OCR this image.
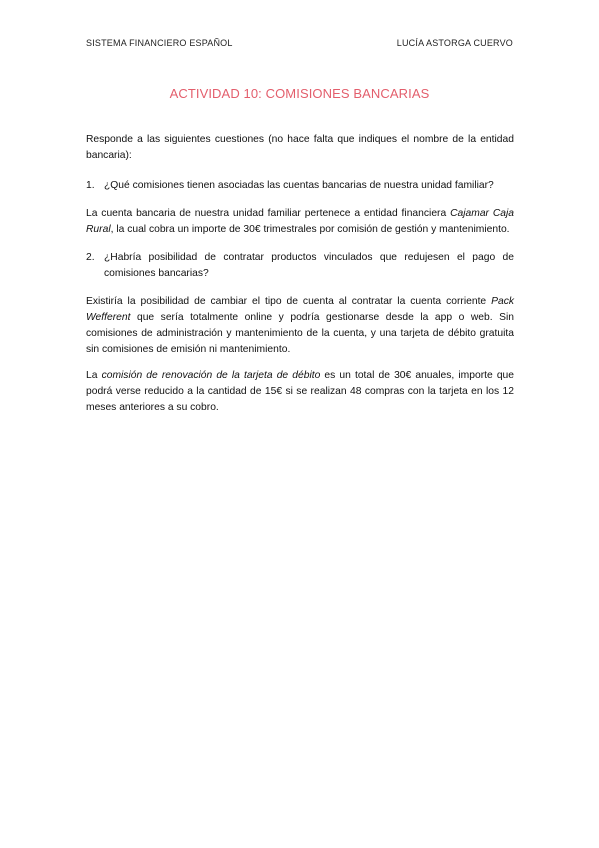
SISTEMA FINANCIERO ESPAÑOL	LUCÍA ASTORGA CUERVO
ACTIVIDAD 10: COMISIONES BANCARIAS

Responde a las siguientes cuestiones (no hace falta que indiques el nombre de la entidad bancaria):

1. ¿Qué comisiones tienen asociadas las cuentas bancarias de nuestra unidad familiar?

La cuenta bancaria de nuestra unidad familiar pertenece a entidad financiera Cajamar Caja Rural, la cual cobra un importe de 30€ trimestrales por comisión de gestión y mantenimiento.

2. ¿Habría posibilidad de contratar productos vinculados que redujesen el pago de comisiones bancarias?

Existiría la posibilidad de cambiar el tipo de cuenta al contratar la cuenta corriente Pack Wefferent que sería totalmente online y podría gestionarse desde la app o web. Sin comisiones de administración y mantenimiento de la cuenta, y una tarjeta de débito gratuita sin comisiones de emisión ni mantenimiento.

La comisión de renovación de la tarjeta de débito es un total de 30€ anuales, importe que podrá verse reducido a la cantidad de 15€ si se realizan 48 compras con la tarjeta en los 12 meses anteriores a su cobro.
